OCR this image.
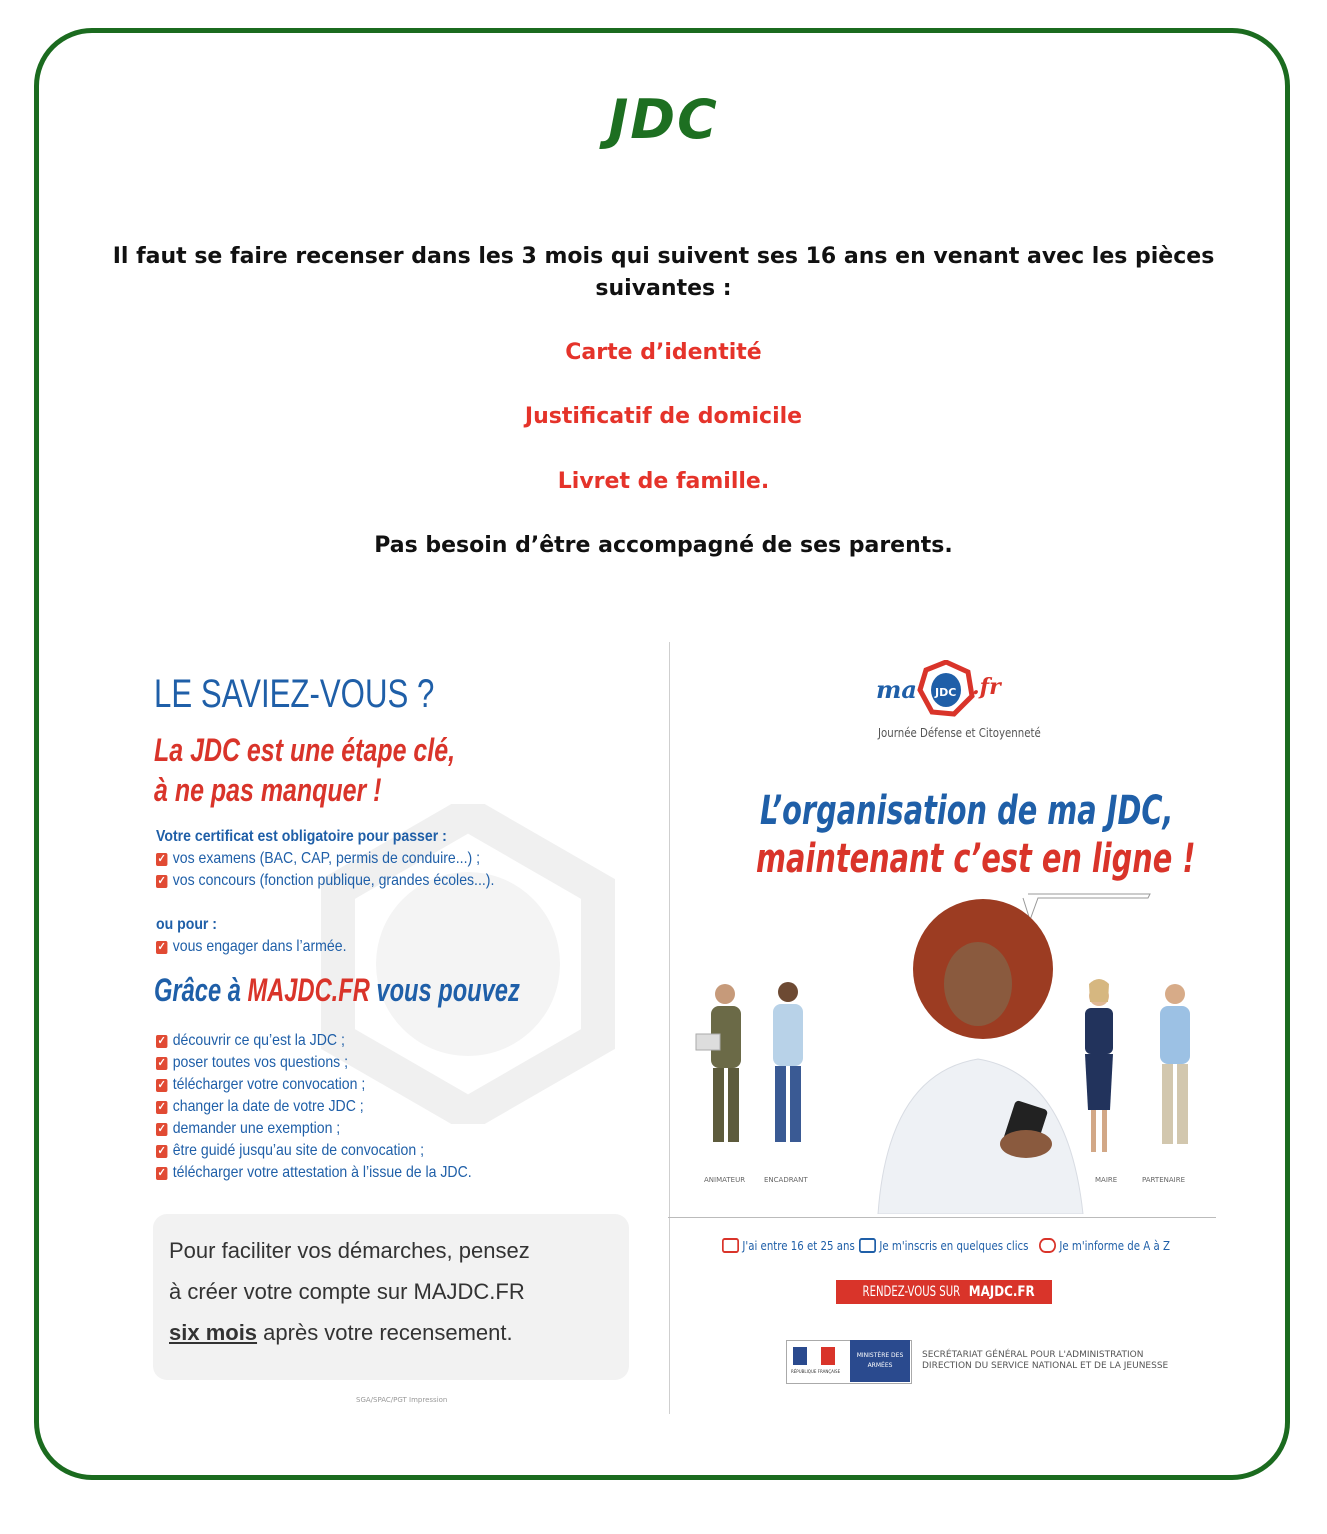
JDC
Il faut se faire recenser dans les 3 mois qui suivent ses 16 ans en venant avec les pièces suivantes :
Carte d’identité
Justificatif de domicile
Livret de famille.
Pas besoin d’être accompagné de ses parents.
LE SAVIEZ-VOUS ?
La JDC est une étape clé,
à ne pas manquer !
Votre certificat est obligatoire pour passer :
✓ vos examens (BAC, CAP, permis de conduire...) ;
✓ vos concours (fonction publique, grandes écoles...).
ou pour :
✓ vous engager dans l’armée.
Grâce à MAJDC.FR vous pouvez
✓ découvrir ce qu’est la JDC ;
✓ poser toutes vos questions ;
✓ télécharger votre convocation ;
✓ changer la date de votre JDC ;
✓ demander une exemption ;
✓ être guidé jusqu’au site de convocation ;
✓ télécharger votre attestation à l’issue de la JDC.
Pour faciliter vos démarches, pensez
à créer votre compte sur MAJDC.FR
six mois après votre recensement.
SGA/SPAC/PGT Impression
ma JDC .fr
Journée Défense et Citoyenneté
L’organisation de ma JDC,
maintenant c’est en ligne !
ANIMATEUR	ENCADRANT	MAIRE	PARTENAIRE
J'ai entre 16 et 25 ans Je m'inscris en quelques clics	Je m'informe de A à Z
RENDEZ-VOUS SURMAJDC.FR
RÉPUBLIQUE FRANÇAISE
MINISTÈRE DES ARMÉES
SECRÉTARIAT GÉNÉRAL POUR L'ADMINISTRATION
DIRECTION DU SERVICE NATIONAL ET DE LA JEUNESSE
